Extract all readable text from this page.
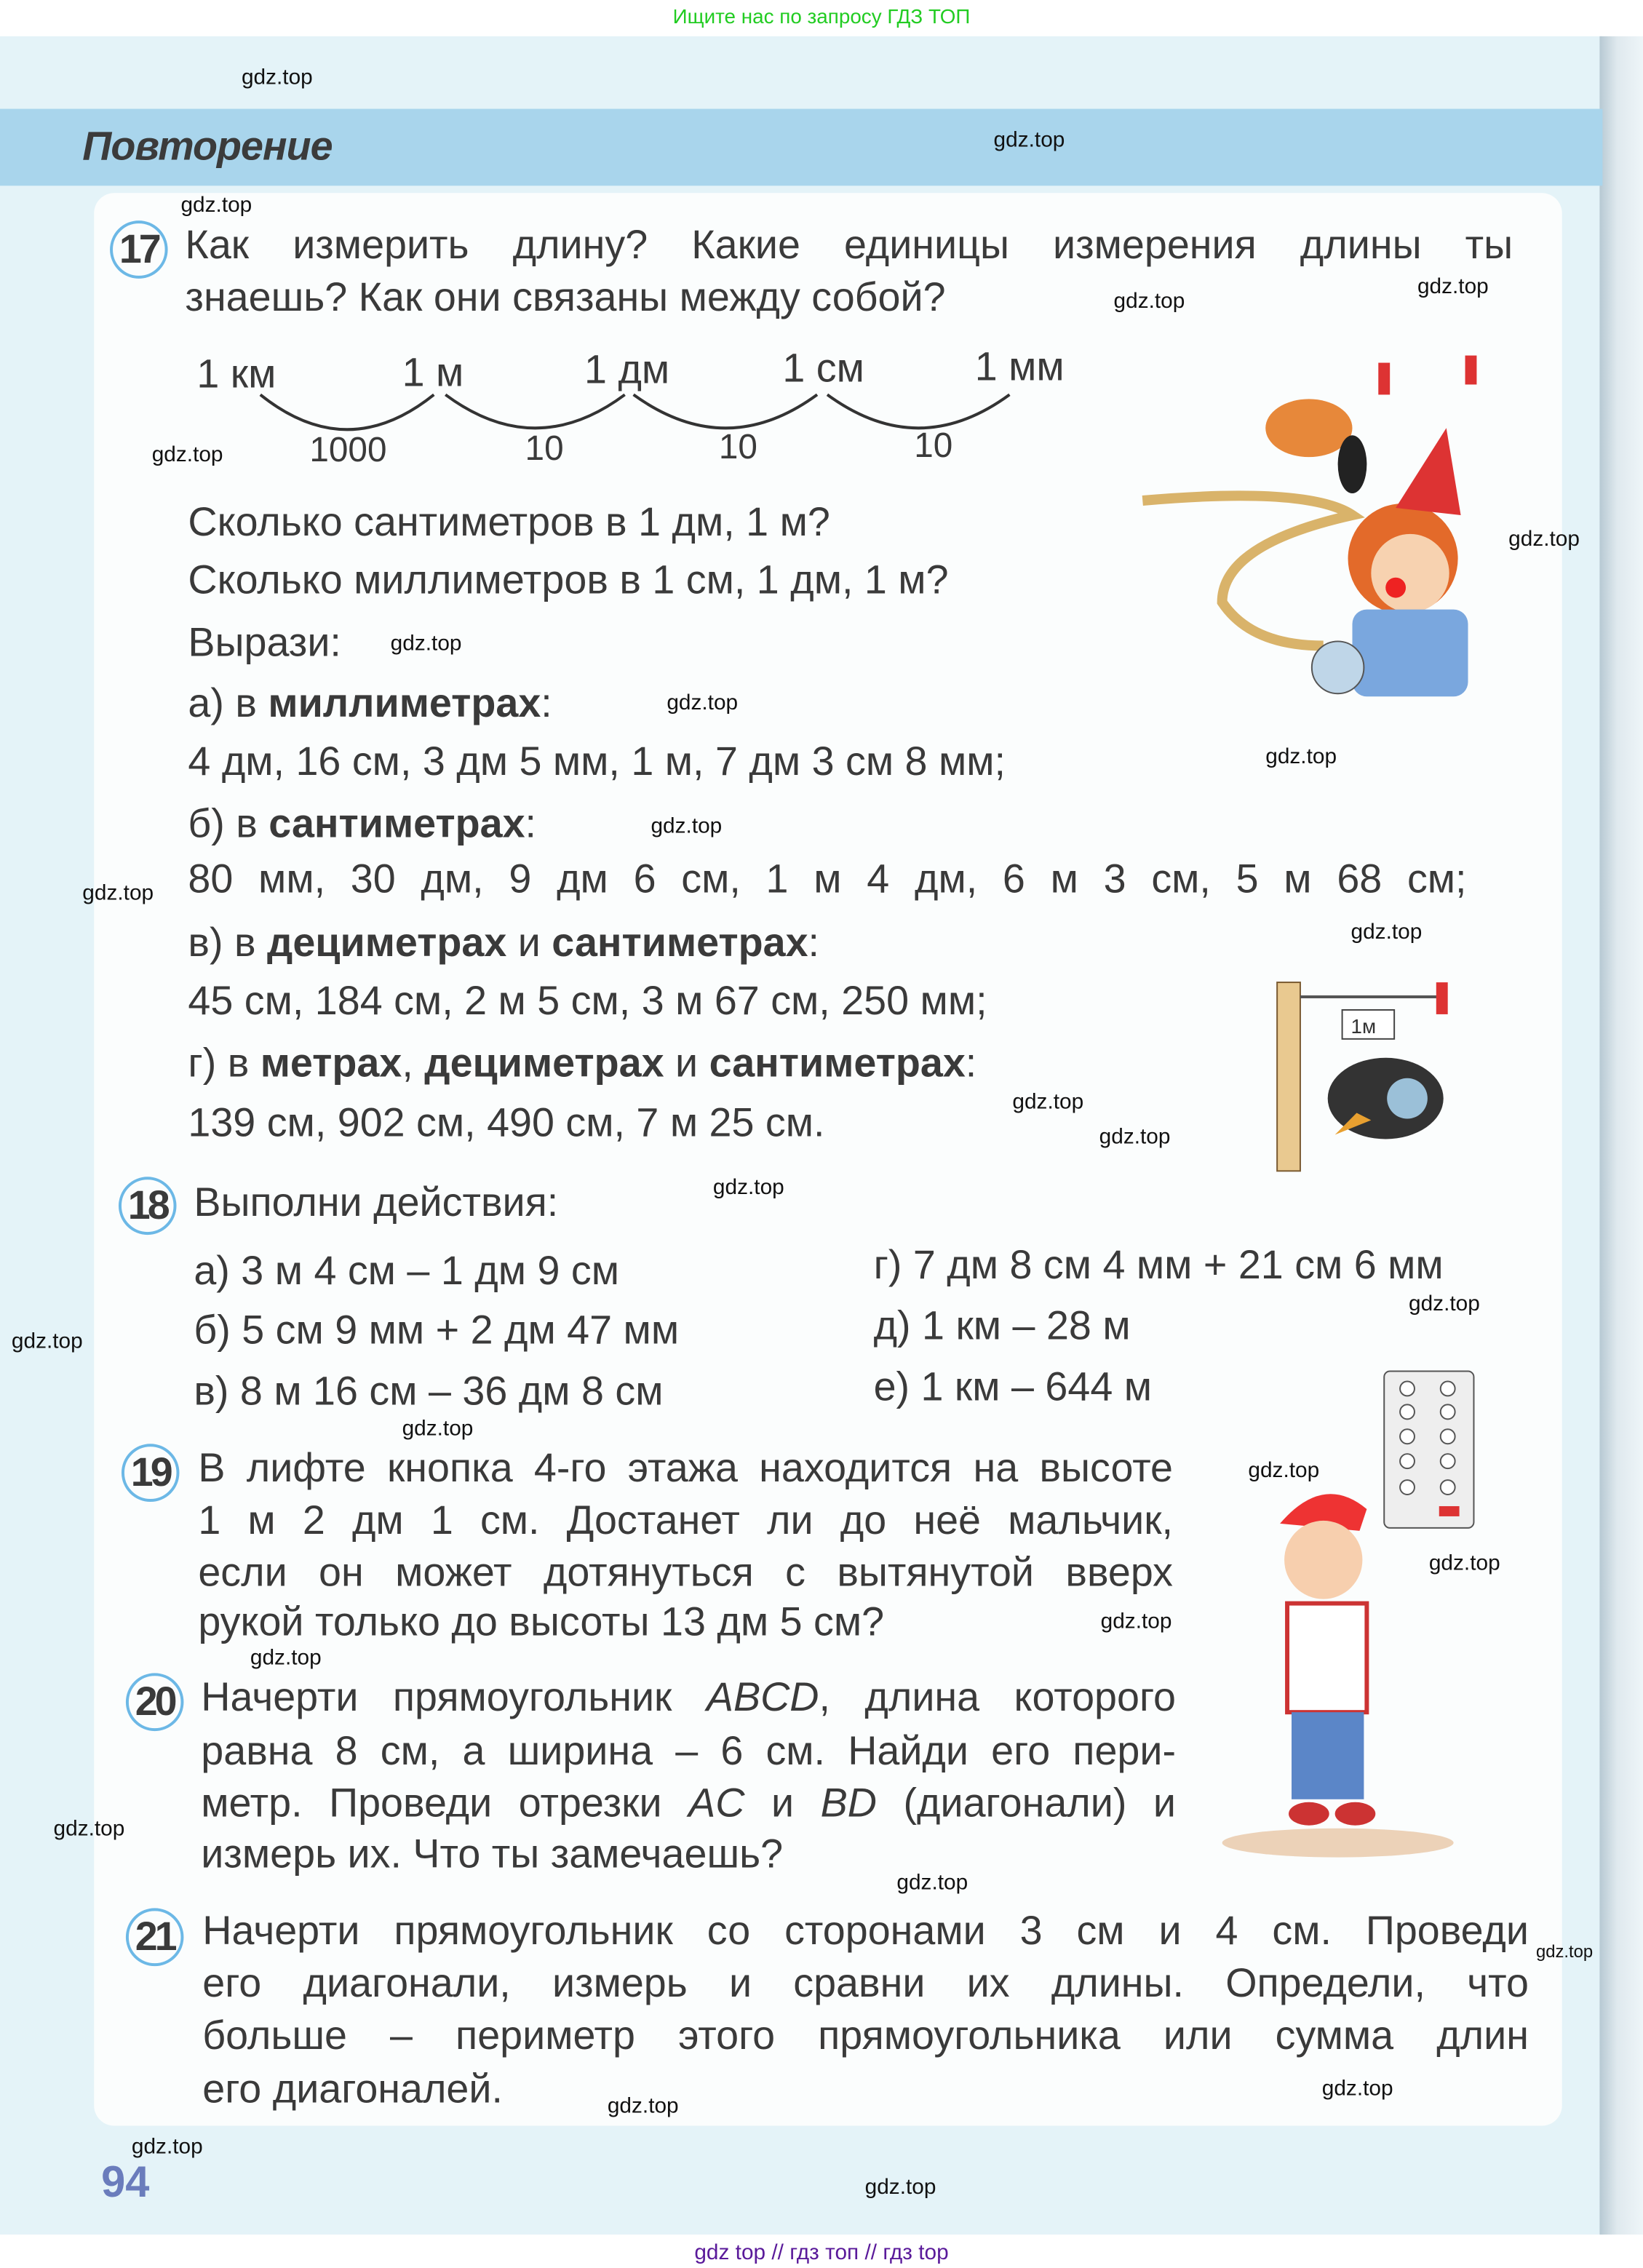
Ищите нас по запросу ГДЗ ТОП
Повторение
17	Как измерить длину? Какие единицы измерения длины ты
знаешь? Как они связаны между собой?
1 км	1 м	1 дм	1 см	1 мм
1000	10	10	10
Сколько сантиметров в 1 дм, 1 м?
Сколько миллиметров в 1 см, 1 дм, 1 м?
Вырази:
а) в миллиметрах:
4 дм, 16 см, 3 дм 5 мм, 1 м, 7 дм 3 см 8 мм;
б) в сантиметрах:
80 мм, 30 дм, 9 дм 6 см, 1 м 4 дм, 6 м 3 см, 5 м 68 см;
в) в дециметрах и сантиметрах:
45 см, 184 см, 2 м 5 см, 3 м 67 см, 250 мм;
г) в метрах, дециметрах и сантиметрах:
139 см, 902 см, 490 см, 7 м 25 см.
1м
18	Выполни действия:
а) 3 м 4 см – 1 дм 9 см
б) 5 см 9 мм + 2 дм 47 мм
в) 8 м 16 см – 36 дм 8 см
г) 7 дм 8 см 4 мм + 21 см 6 мм
д) 1 км – 28 м
е) 1 км – 644 м
19	В лифте кнопка 4-го этажа находится на высоте
1 м 2 дм 1 см. Достанет ли до неё мальчик,
если он может дотянуться с вытянутой вверх
рукой только до высоты 13 дм 5 см?
20	Начерти прямоугольник ABCD, длина которого
равна 8 см, а ширина – 6 см. Найди его пери-
метр. Проведи отрезки AC и BD (диагонали) и
измерь их. Что ты замечаешь?
21	Начерти прямоугольник со сторонами 3 см и 4 см. Проведи
его диагонали, измерь и сравни их длины. Определи, что
больше – периметр этого прямоугольника или сумма длин
его диагоналей.
94
gdz top // гдз топ // гдз top
gdz.top
gdz.top
gdz.top
gdz.top
gdz.top
gdz.top
gdz.top
gdz.top
gdz.top
gdz.top
gdz.top
gdz.top
gdz.top
gdz.top
gdz.top
gdz.top
gdz.top
gdz.top
gdz.top
gdz.top
gdz.top
gdz.top
gdz.top
gdz.top
gdz.top
gdz.top
gdz.top
gdz.top
gdz.top
gdz.top
